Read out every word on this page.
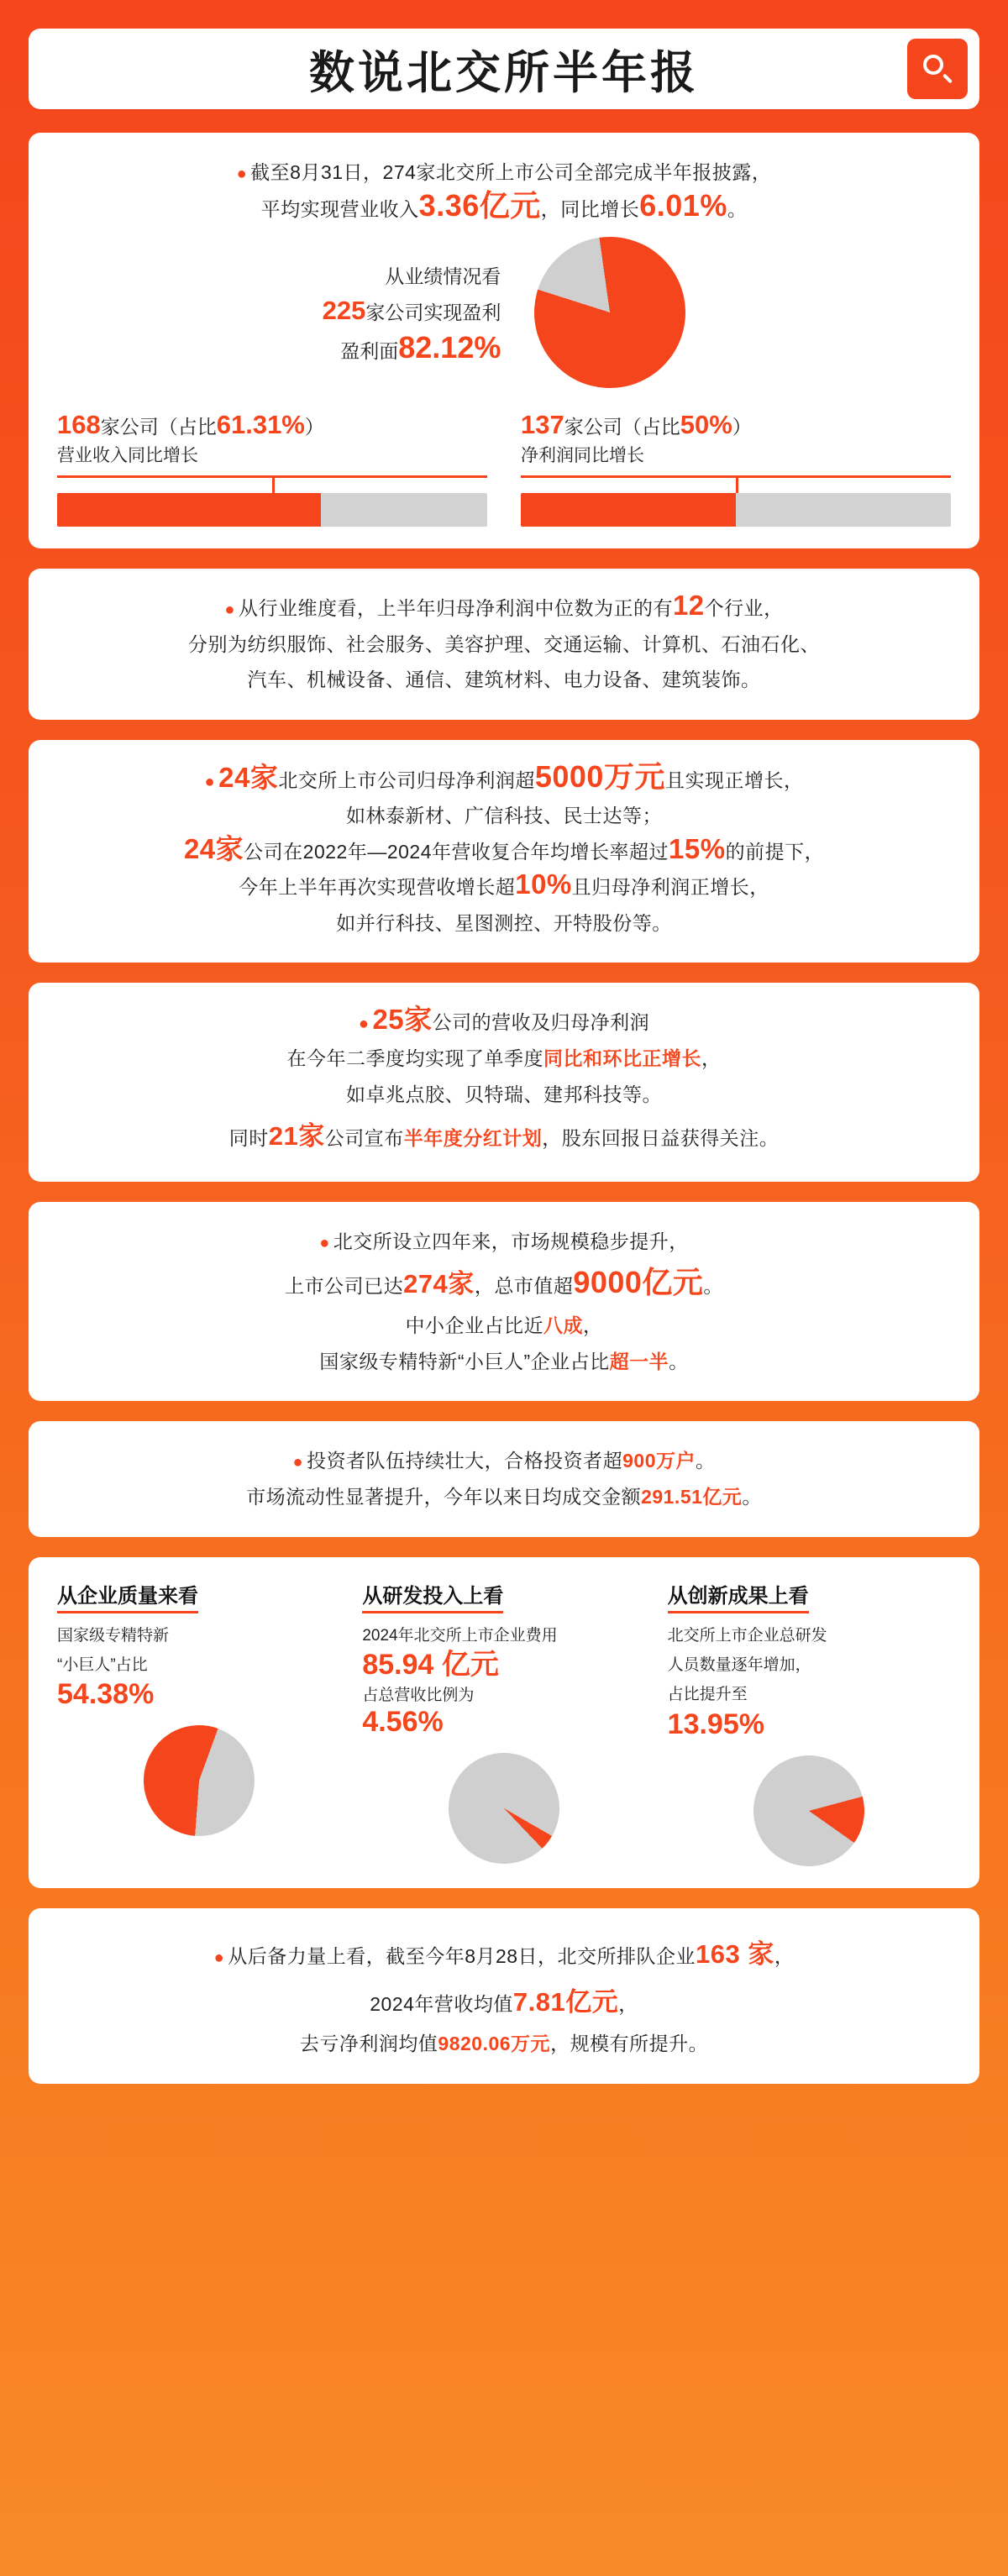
数说北交所半年报
● 截至8月31日，274家北交所上市公司全部完成半年报披露，
平均实现营业收入3.36亿元，同比增长6.01%。
从业绩情况看
225家公司实现盈利
盈利面82.12%
168家公司（占比61.31%）
营业收入同比增长
137家公司（占比50%）
净利润同比增长
● 从行业维度看，上半年归母净利润中位数为正的有12个行业，
分别为纺织服饰、社会服务、美容护理、交通运输、计算机、石油石化、
汽车、机械设备、通信、建筑材料、电力设备、建筑装饰。
● 24家北交所上市公司归母净利润超5000万元且实现正增长，
如林泰新材、广信科技、民士达等；
24家公司在2022年—2024年营收复合年均增长率超过15%的前提下，
今年上半年再次实现营收增长超10%且归母净利润正增长，
如并行科技、星图测控、开特股份等。
● 25家公司的营收及归母净利润
在今年二季度均实现了单季度同比和环比正增长，
如卓兆点胶、贝特瑞、建邦科技等。
同时21家公司宣布半年度分红计划，股东回报日益获得关注。
● 北交所设立四年来，市场规模稳步提升，
上市公司已达274家，总市值超9000亿元。
中小企业占比近八成，
国家级专精特新“小巨人”企业占比超一半。
● 投资者队伍持续壮大，合格投资者超900万户。
市场流动性显著提升，今年以来日均成交金额291.51亿元。
从企业质量来看
国家级专精特新
“小巨人”占比
54.38%
从研发投入上看
2024年北交所上市企业费用
85.94 亿元
占总营收比例为
4.56%
从创新成果上看
北交所上市企业总研发
人员数量逐年增加，
占比提升至
13.95%
● 从后备力量上看，截至今年8月28日，北交所排队企业163 家，
2024年营收均值7.81亿元，
去亏净利润均值9820.06万元，规模有所提升。
